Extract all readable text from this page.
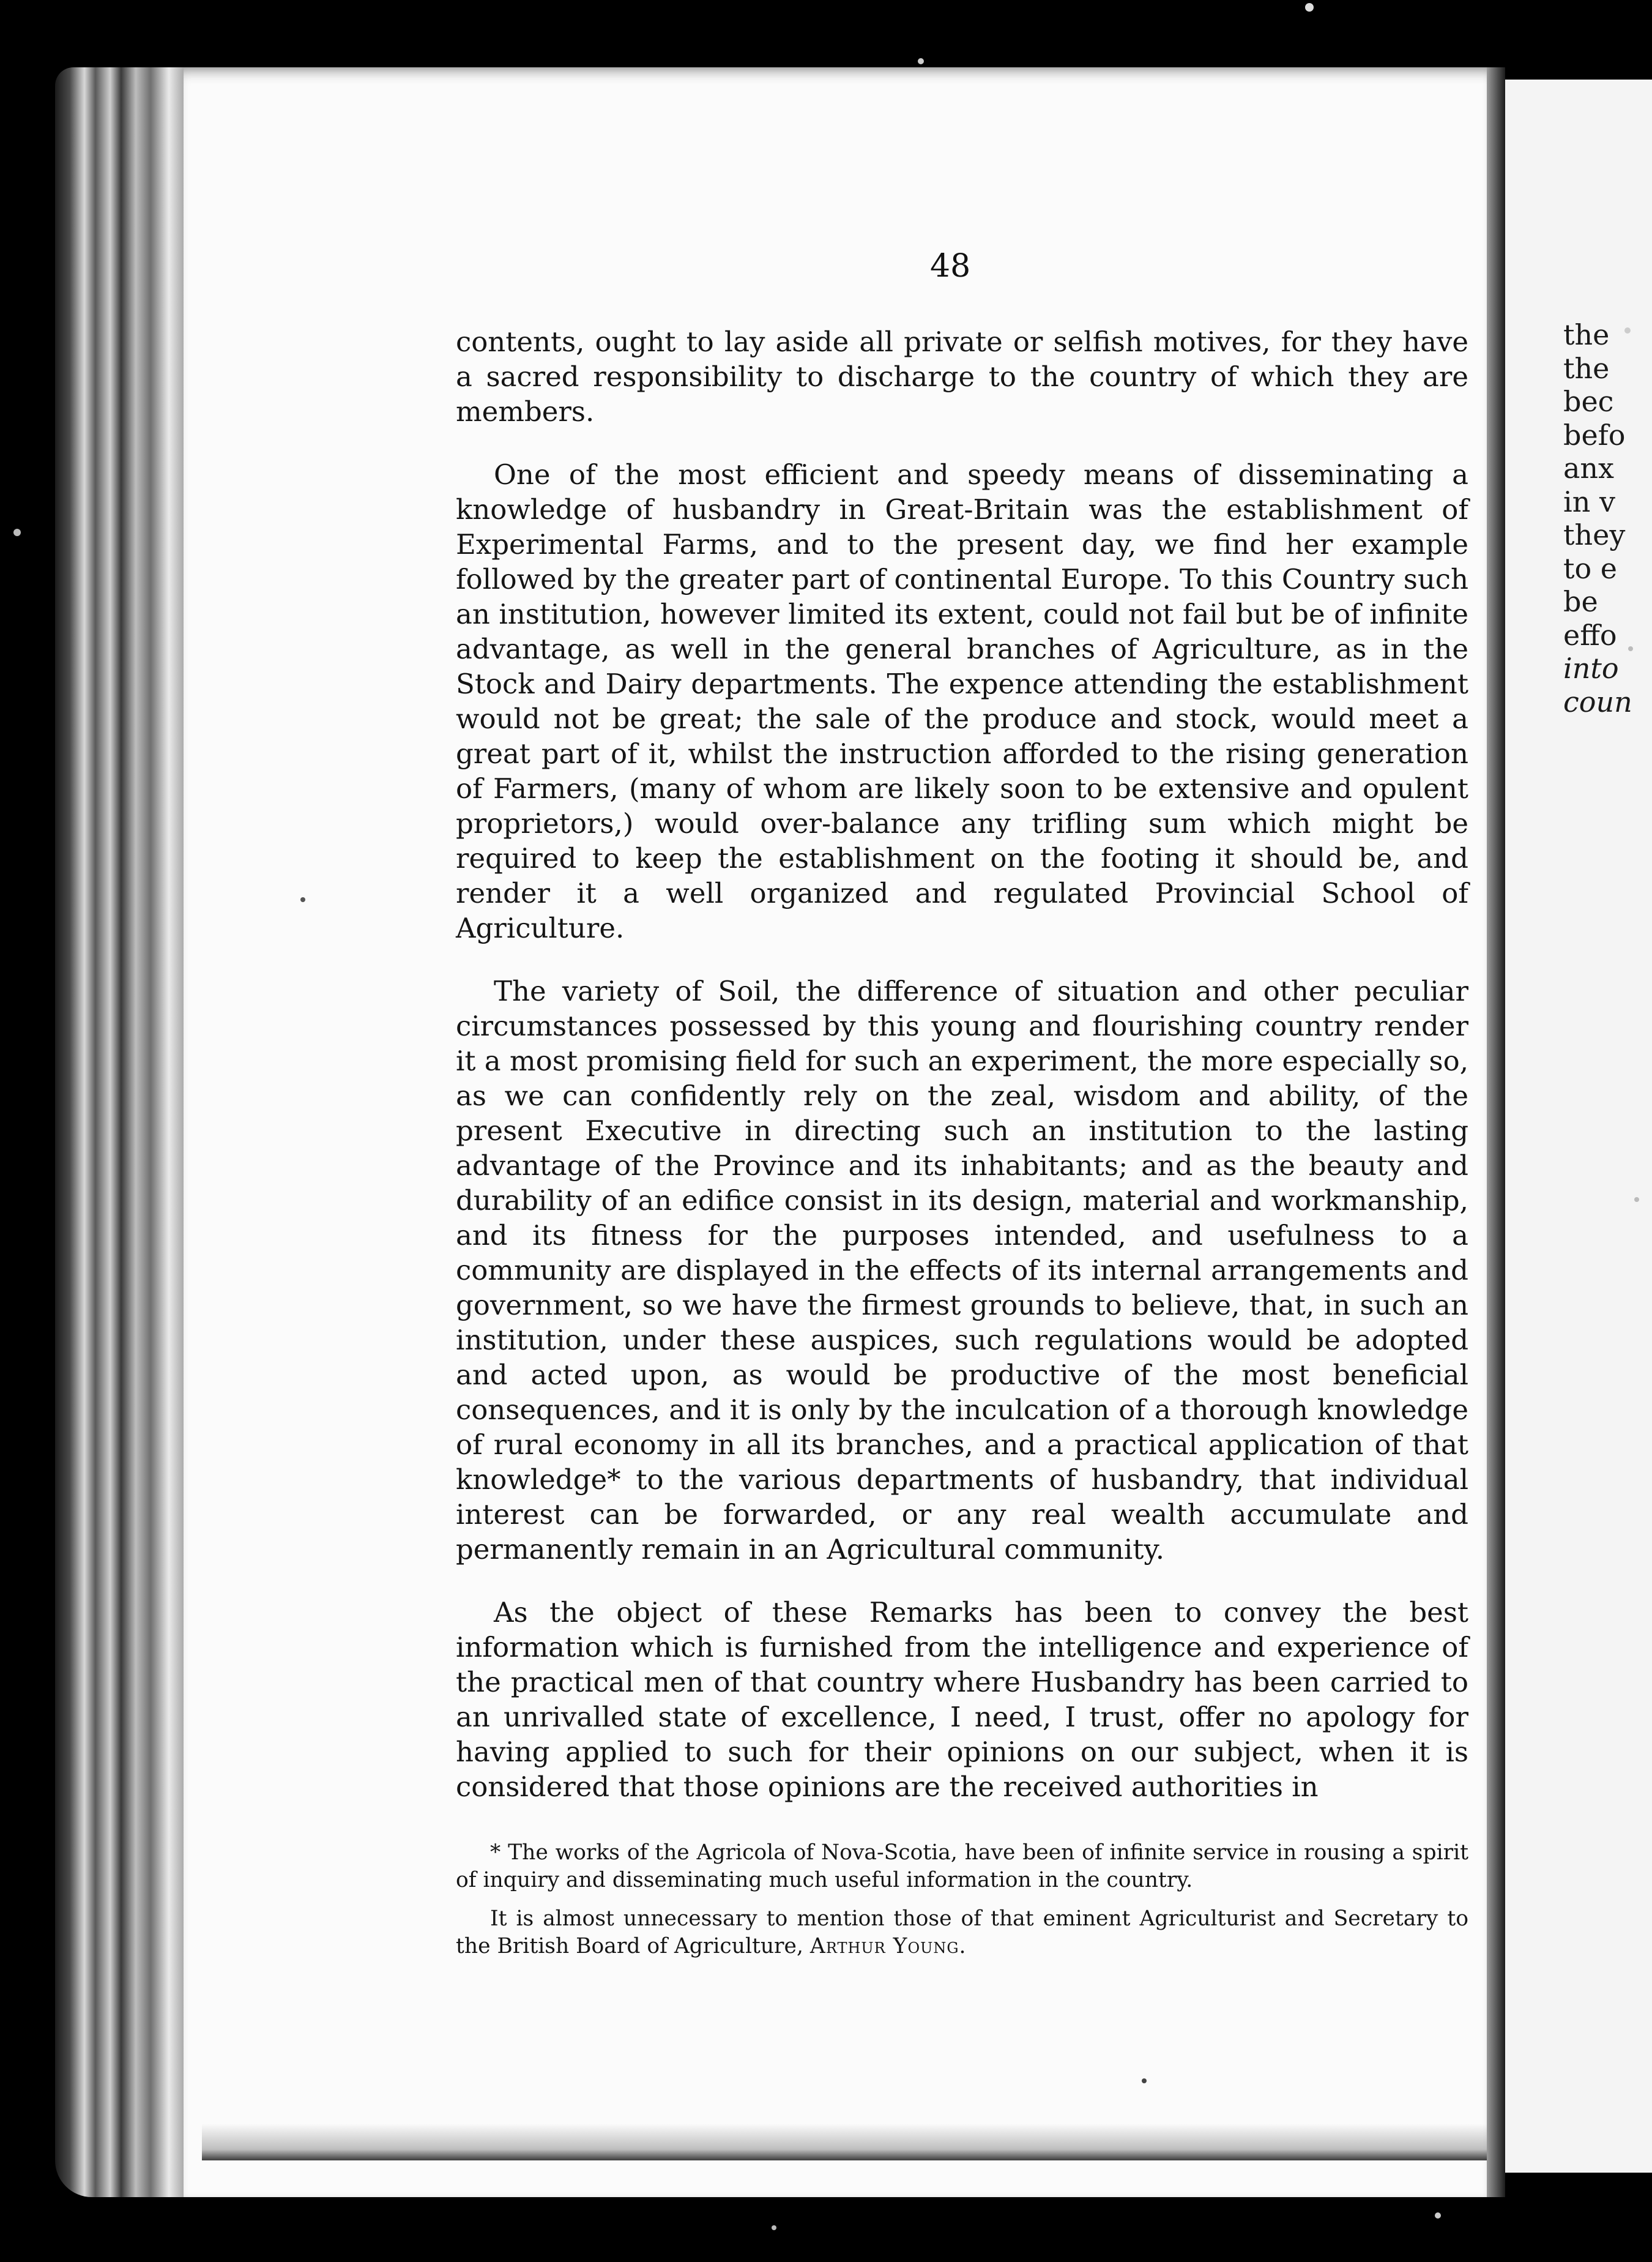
48

contents, ought to lay aside all private or selfish motives, for they have a sacred responsibility to discharge to the country of which they are members.

One of the most efficient and speedy means of disseminating a knowledge of husbandry in Great-Britain was the establishment of Experimental Farms, and to the present day, we find her example followed by the greater part of continental Europe. To this Country such an institution, however limited its extent, could not fail but be of infinite advantage, as well in the general branches of Agriculture, as in the Stock and Dairy departments. The expence attending the establishment would not be great; the sale of the produce and stock, would meet a great part of it, whilst the instruction afforded to the rising generation of Farmers, (many of whom are likely soon to be extensive and opulent proprietors,) would over-balance any trifling sum which might be required to keep the establishment on the footing it should be, and render it a well organized and regulated Provincial School of Agriculture.

The variety of Soil, the difference of situation and other peculiar circumstances possessed by this young and flourishing country render it a most promising field for such an experiment, the more especially so, as we can confidently rely on the zeal, wisdom and ability, of the present Executive in directing such an institution to the lasting advantage of the Province and its inhabitants; and as the beauty and durability of an edifice consist in its design, material and workmanship, and its fitness for the purposes intended, and usefulness to a community are displayed in the effects of its internal arrangements and government, so we have the firmest grounds to believe, that, in such an institution, under these auspices, such regulations would be adopted and acted upon, as would be productive of the most beneficial consequences, and it is only by the inculcation of a thorough knowledge of rural economy in all its branches, and a practical application of that knowledge* to the various departments of husbandry, that individual interest can be forwarded, or any real wealth accumulate and permanently remain in an Agricultural community.

As the object of these Remarks has been to convey the best information which is furnished from the intelligence and experience of the practical men of that country where Husbandry has been carried to an unrivalled state of excellence, I need, I trust, offer no apology for having applied to such for their opinions on our subject, when it is considered that those opinions are the received authorities in

* The works of the Agricola of Nova-Scotia, have been of infinite service in rousing a spirit of inquiry and disseminating much useful information in the country.

It is almost unnecessary to mention those of that eminent Agriculturist and Secretary to the British Board of Agriculture, Arthur Young.

the
the
bec
befo
anx
in v
they
to e
be
effo
into
coun
